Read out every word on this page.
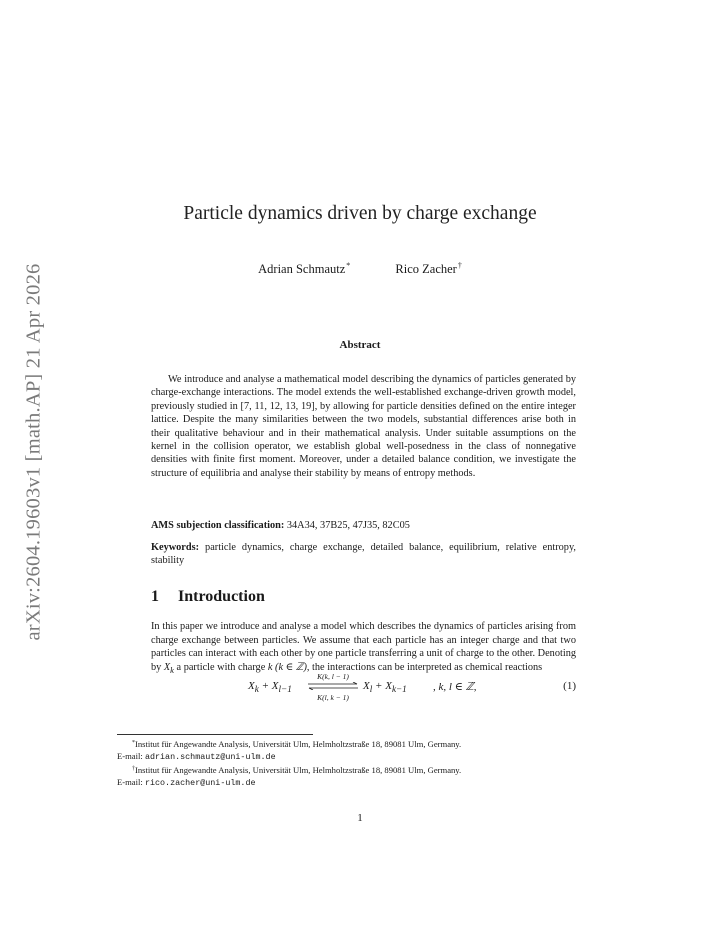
arXiv:2604.19603v1 [math.AP] 21 Apr 2026
Particle dynamics driven by charge exchange
Adrian Schmautz*	Rico Zacher†
Abstract

We introduce and analyse a mathematical model describing the dynamics of particles generated by charge-exchange interactions. The model extends the well-established exchange-driven growth model, previously studied in [7, 11, 12, 13, 19], by allowing for particle densities defined on the entire integer lattice. Despite the many similarities between the two models, substantial differences arise both in their qualitative behaviour and in their mathematical analysis. Under suitable assumptions on the kernel in the collision operator, we establish global well-posedness in the class of nonnegative densities with finite first moment. Moreover, under a detailed balance condition, we investigate the structure of equilibria and analyse their stability by means of entropy methods.

AMS subjection classification: 34A34, 37B25, 47J35, 82C05

Keywords: particle dynamics, charge exchange, detailed balance, equilibrium, relative entropy, stability

1 Introduction

In this paper we introduce and analyse a model which describes the dynamics of particles arising from charge exchange between particles. We assume that each particle has an integer charge and that two particles can interact with each other by one particle transferring a unit of charge to the other. Denoting by $X_k$ a particle with charge k (k ∈ ℤ), the interactions can be interpreted as chemical reactions

$X_k + X_{l-1}$
K(k, l − 1)
K(l, k − 1)
$X_l + X_{k-1}$ , k, l ∈ ℤ,	(1)

*Institut für Angewandte Analysis, Universität Ulm, Helmholtzstraße 18, 89081 Ulm, Germany.
E-mail: adrian.schmautz@uni-ulm.de

†Institut für Angewandte Analysis, Universität Ulm, Helmholtzstraße 18, 89081 Ulm, Germany.
E-mail: rico.zacher@uni-ulm.de

1
